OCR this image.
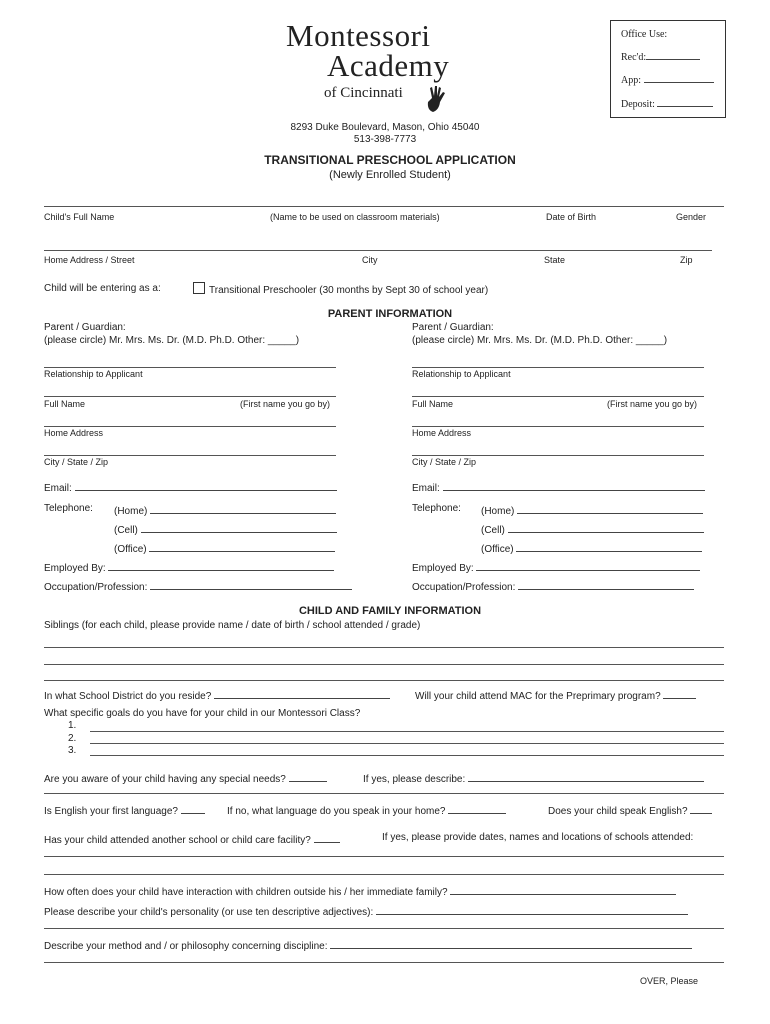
Montessori
Academy
of Cincinnati
Office Use:
Rec'd:
App:
Deposit:
8293 Duke Boulevard, Mason, Ohio 45040
513-398-7773
TRANSITIONAL PRESCHOOL APPLICATION
(Newly Enrolled Student)
Child's Full Name	(Name to be used on classroom materials)	Date of Birth	Gender
Home Address / Street	City	State	Zip
Child will be entering as a:	Transitional Preschooler (30 months by Sept 30 of school year)
PARENT INFORMATION
Parent / Guardian:
(please circle) Mr. Mrs. Ms. Dr. (M.D. Ph.D. Other: _____)
Relationship to Applicant
Full Name	(First name you go by)
Home Address
City / State / Zip
Email:
Telephone: (Home)
(Cell)
(Office)
Employed By:
Occupation/Profession:
Parent / Guardian:
(please circle) Mr. Mrs. Ms. Dr. (M.D. Ph.D. Other: _____)
Relationship to Applicant
Full Name	(First name you go by)
Home Address
City / State / Zip
Email:
Telephone: (Home)
(Cell)
(Office)
Employed By:
Occupation/Profession:
CHILD AND FAMILY INFORMATION
Siblings (for each child, please provide name / date of birth / school attended / grade)
In what School District do you reside?	Will your child attend MAC for the Preprimary program?
What specific goals do you have for your child in our Montessori Class?
1.
2.
3.
Are you aware of your child having any special needs?	If yes, please describe:
Is English your first language?	If no, what language do you speak in your home?	Does your child speak English?
Has your child attended another school or child care facility?	If yes, please provide dates, names and locations of schools attended:
How often does your child have interaction with children outside his / her immediate family?
Please describe your child's personality (or use ten descriptive adjectives):
Describe your method and / or philosophy concerning discipline:
OVER, Please
